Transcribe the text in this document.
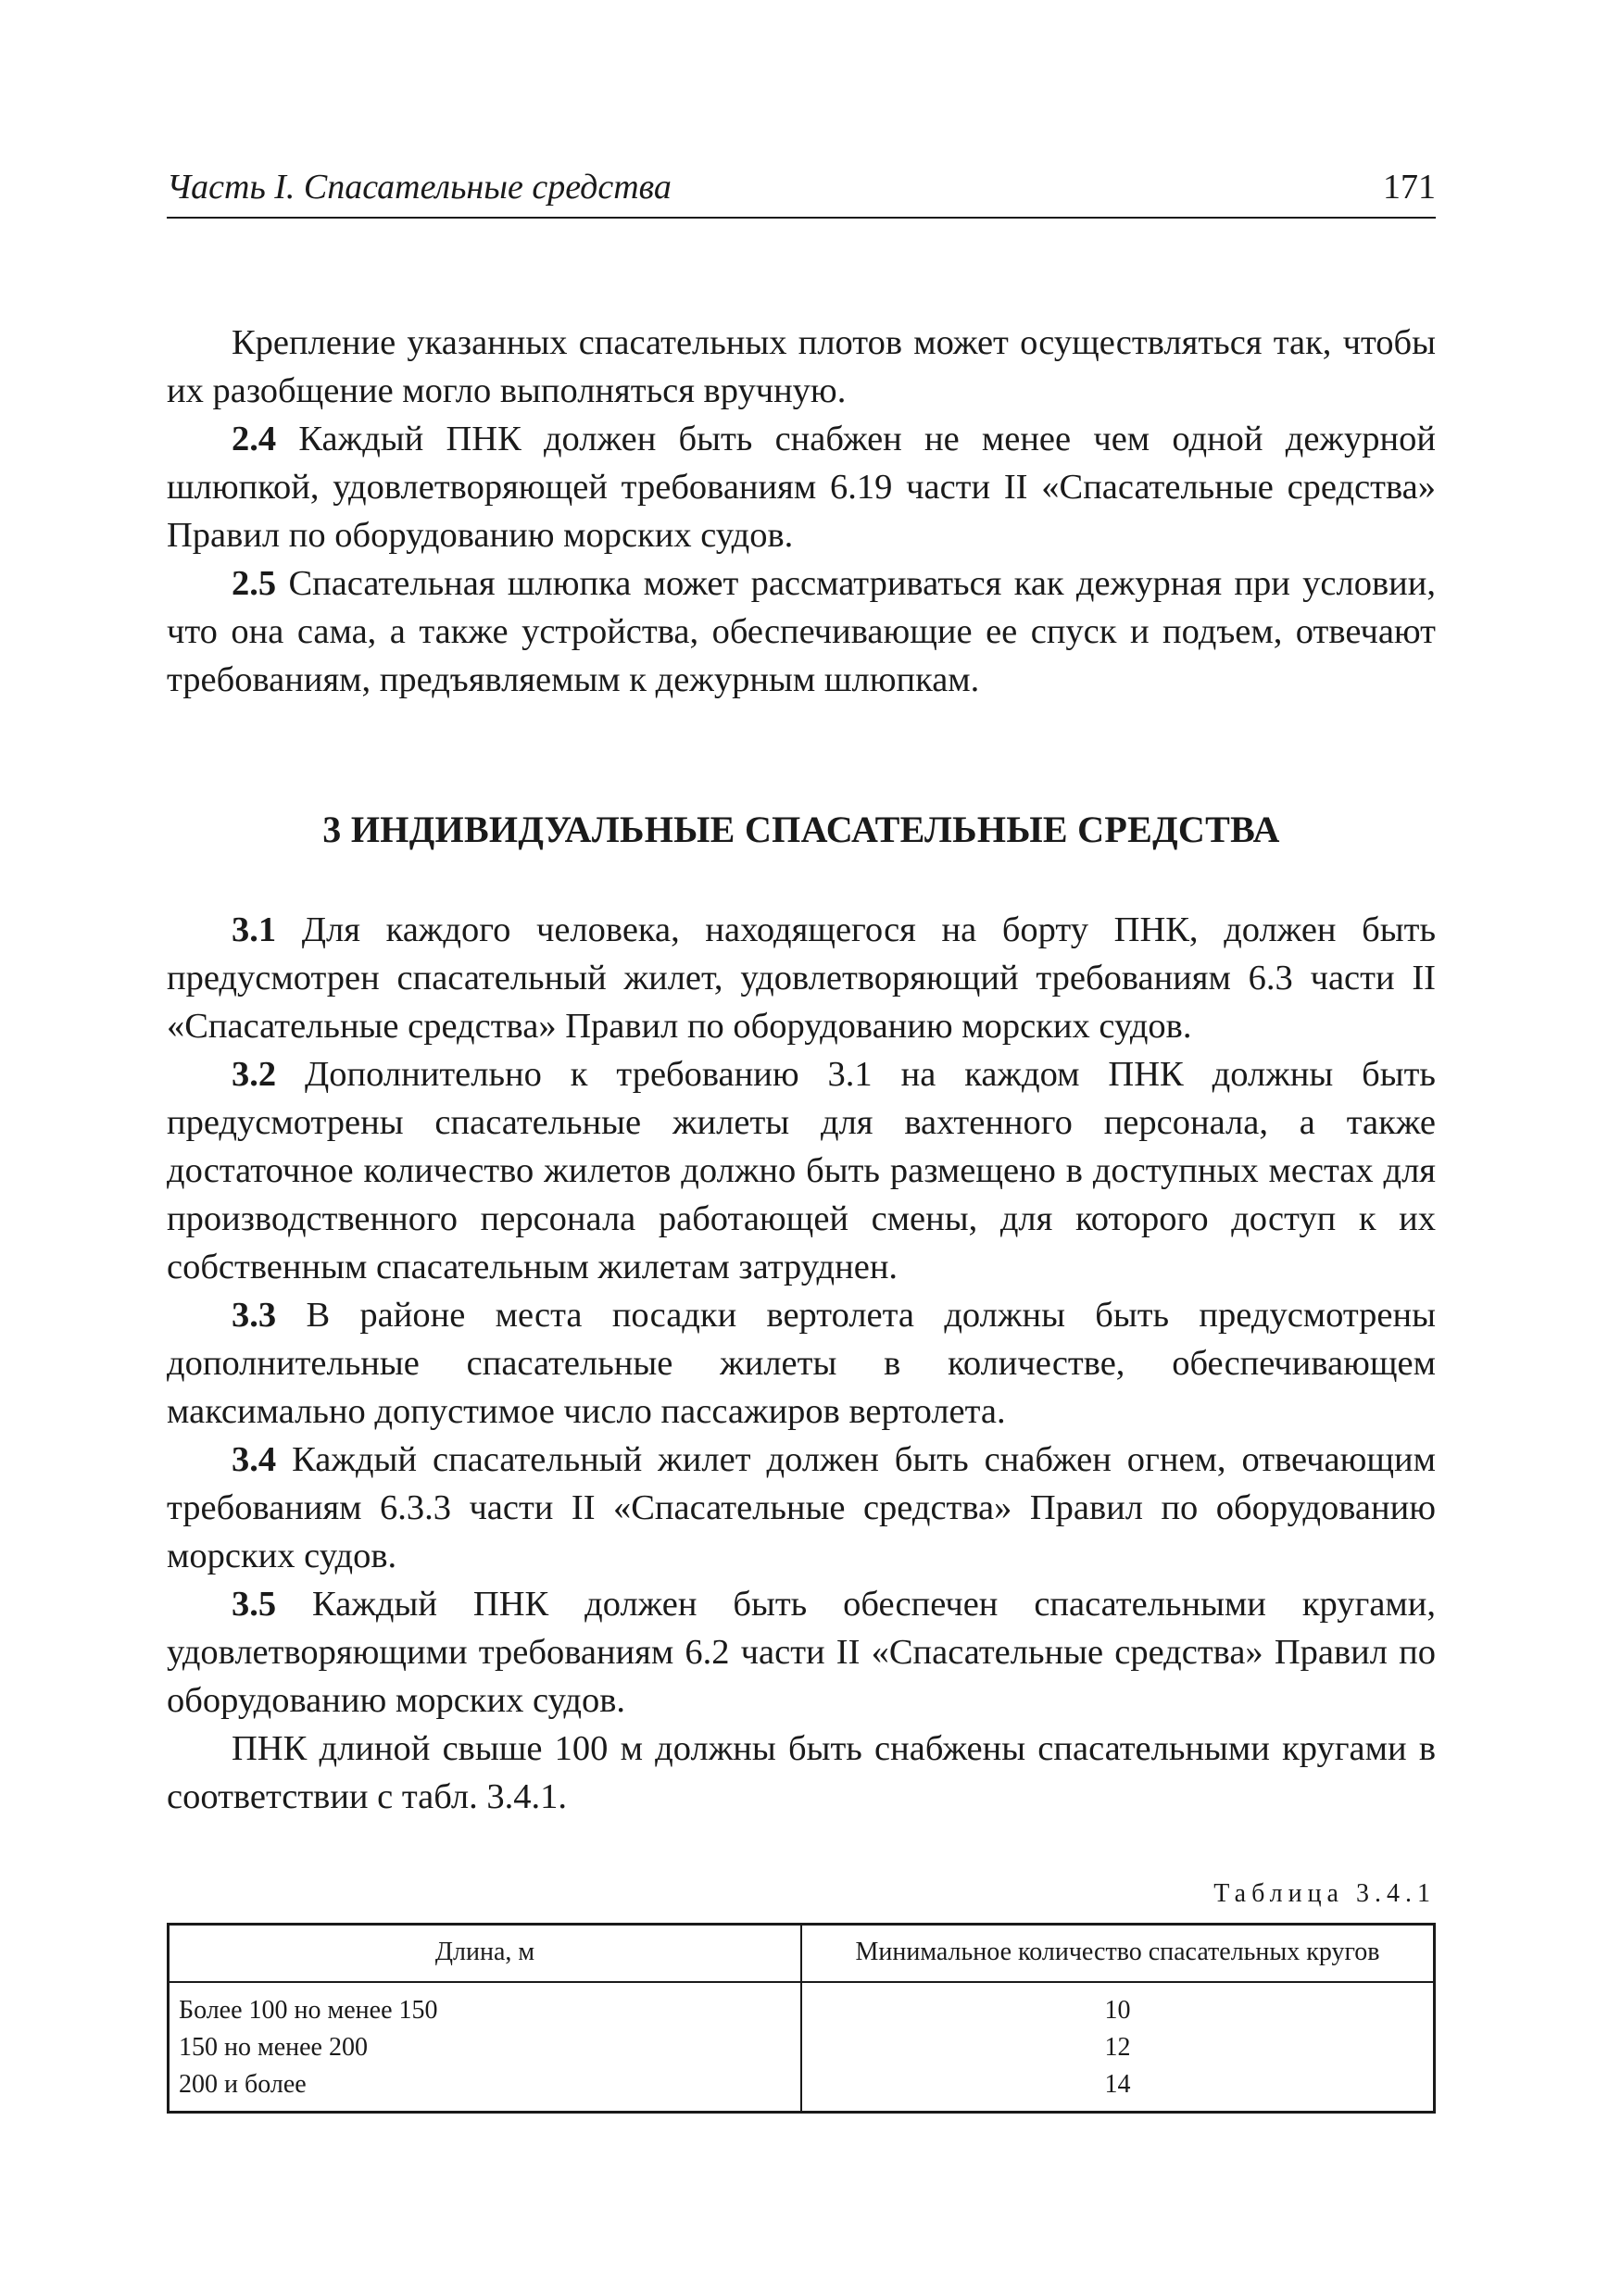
Часть I. Спасательные средства	171

Крепление указанных спасательных плотов может осуществляться так, чтобы их разобщение могло выполняться вручную.

2.4 Каждый ПНК должен быть снабжен не менее чем одной дежурной шлюпкой, удовлетворяющей требованиям 6.19 части II «Спасательные средства» Правил по оборудованию морских судов.

2.5 Спасательная шлюпка может рассматриваться как дежурная при условии, что она сама, а также устройства, обеспечивающие ее спуск и подъем, отвечают требованиям, предъявляемым к дежурным шлюпкам.

3 ИНДИВИДУАЛЬНЫЕ СПАСАТЕЛЬНЫЕ СРЕДСТВА

3.1 Для каждого человека, находящегося на борту ПНК, должен быть предусмотрен спасательный жилет, удовлетворяющий требованиям 6.3 части II «Спасательные средства» Правил по оборудованию морских судов.

3.2 Дополнительно к требованию 3.1 на каждом ПНК должны быть предусмотрены спасательные жилеты для вахтенного персонала, а также достаточное количество жилетов должно быть размещено в доступных местах для производственного персонала работающей смены, для которого доступ к их собственным спасательным жилетам затруднен.

3.3 В районе места посадки вертолета должны быть предусмотрены дополнительные спасательные жилеты в количестве, обеспечивающем максимально допустимое число пассажиров вертолета.

3.4 Каждый спасательный жилет должен быть снабжен огнем, отвечающим требованиям 6.3.3 части II «Спасательные средства» Правил по оборудованию морских судов.

3.5 Каждый ПНК должен быть обеспечен спасательными кругами, удовлетворяющими требованиям 6.2 части II «Спасательные средства» Правил по оборудованию морских судов.

ПНК длиной свыше 100 м должны быть снабжены спасательными кругами в соответствии с табл. 3.4.1.

Таблица 3.4.1
Длина, м	Минимальное количество спасательных кругов
Более 100 но менее 150	10
150 но менее 200	12
200 и более	14
